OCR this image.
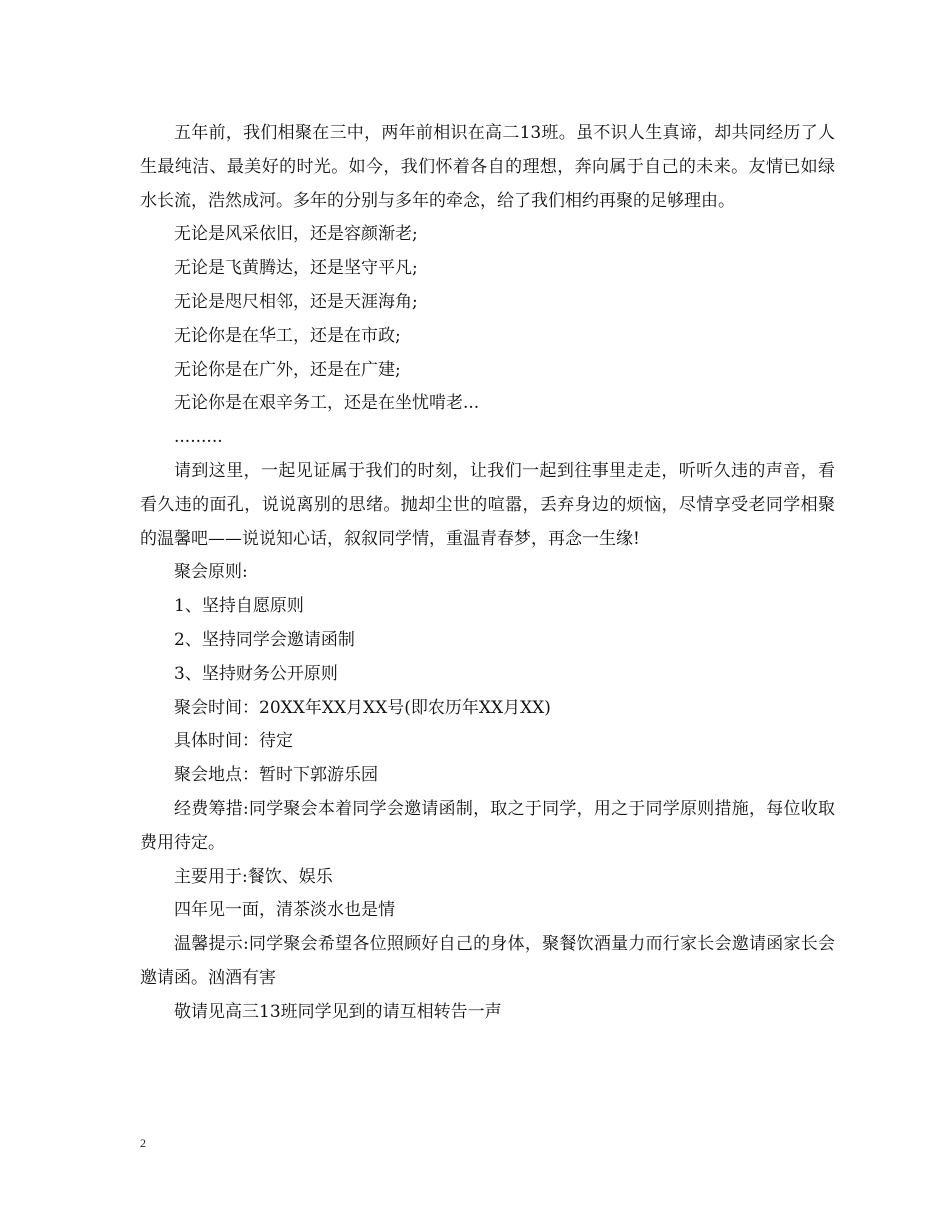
五年前，我们相聚在三中，两年前相识在高二13班。虽不识人生真谛，却共同经历了人生最纯洁、最美好的时光。如今，我们怀着各自的理想，奔向属于自己的未来。友情已如绿水长流，浩然成河。多年的分别与多年的牵念，给了我们相约再聚的足够理由。

无论是风采依旧，还是容颜渐老;

无论是飞黄腾达，还是坚守平凡;

无论是咫尺相邻，还是天涯海角;

无论你是在华工，还是在市政;

无论你是在广外，还是在广建;

无论你是在艰辛务工，还是在坐忧啃老...

.........

请到这里，一起见证属于我们的时刻，让我们一起到往事里走走，听听久违的声音，看看久违的面孔，说说离别的思绪。抛却尘世的喧嚣，丢弃身边的烦恼，尽情享受老同学相聚的温馨吧——说说知心话，叙叙同学情，重温青春梦，再念一生缘!

聚会原则:

1、坚持自愿原则

2、坚持同学会邀请函制

3、坚持财务公开原则

聚会时间：20XX年XX月XX号(即农历年XX月XX)

具体时间：待定

聚会地点：暂时下郭游乐园

经费筹措:同学聚会本着同学会邀请函制，取之于同学，用之于同学原则措施，每位收取费用待定。

主要用于:餐饮、娱乐

四年见一面，清茶淡水也是情

温馨提示:同学聚会希望各位照顾好自己的身体，聚餐饮酒量力而行家长会邀请函家长会邀请函。汹酒有害

敬请见高三13班同学见到的请互相转告一声

2
